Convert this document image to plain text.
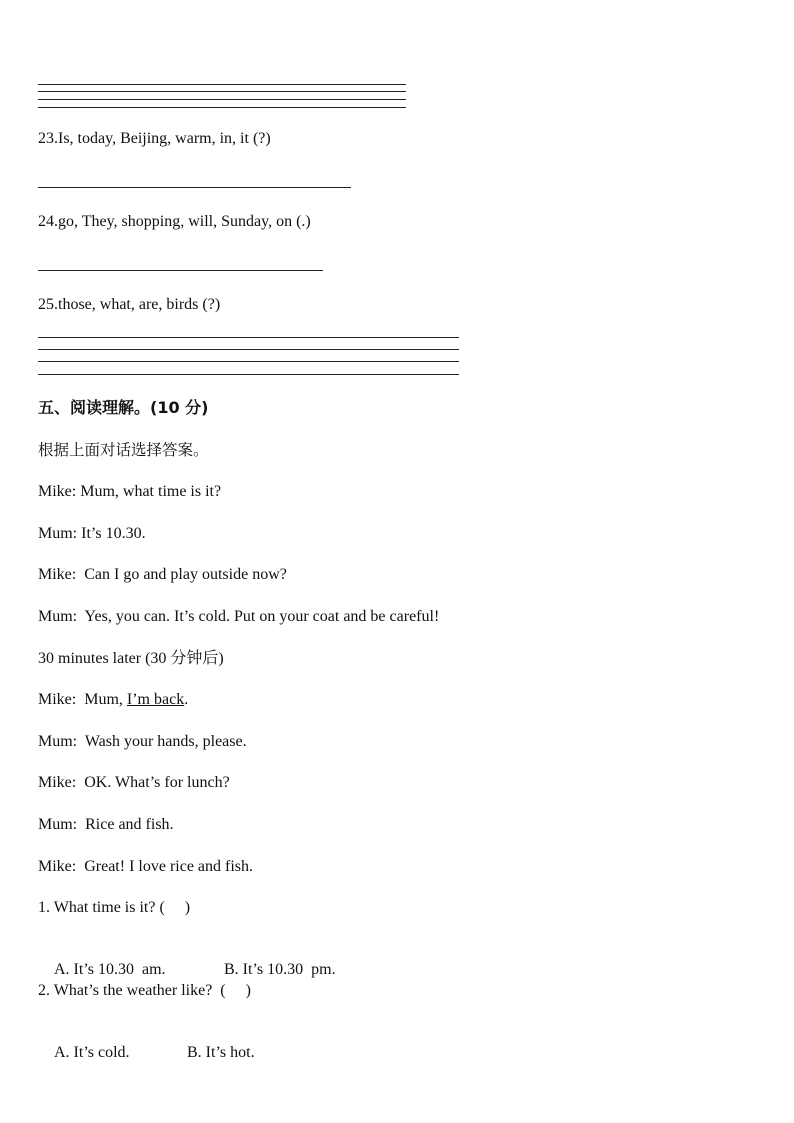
23.Is, today, Beijing, warm, in, it (?)
24.go, They, shopping, will, Sunday, on (.)
25.those, what, are, birds (?)
五、阅读理解。(10 分)
根据上面对话选择答案。
Mike: Mum, what time is it?
Mum: It’s 10.30.
Mike:  Can I go and play outside now?
Mum:  Yes, you can. It’s cold. Put on your coat and be careful!
30 minutes later (30 分钟后)
Mike:  Mum, I’m back.
Mum:  Wash your hands, please.
Mike:  OK. What’s for lunch?
Mum:  Rice and fish.
Mike:  Great! I love rice and fish.
1. What time is it? (     )

A. It’s 10.30  am.	B. It’s 10.30  pm.

2. What’s the weather like?  (     )

A. It’s cold.	B. It’s hot.
